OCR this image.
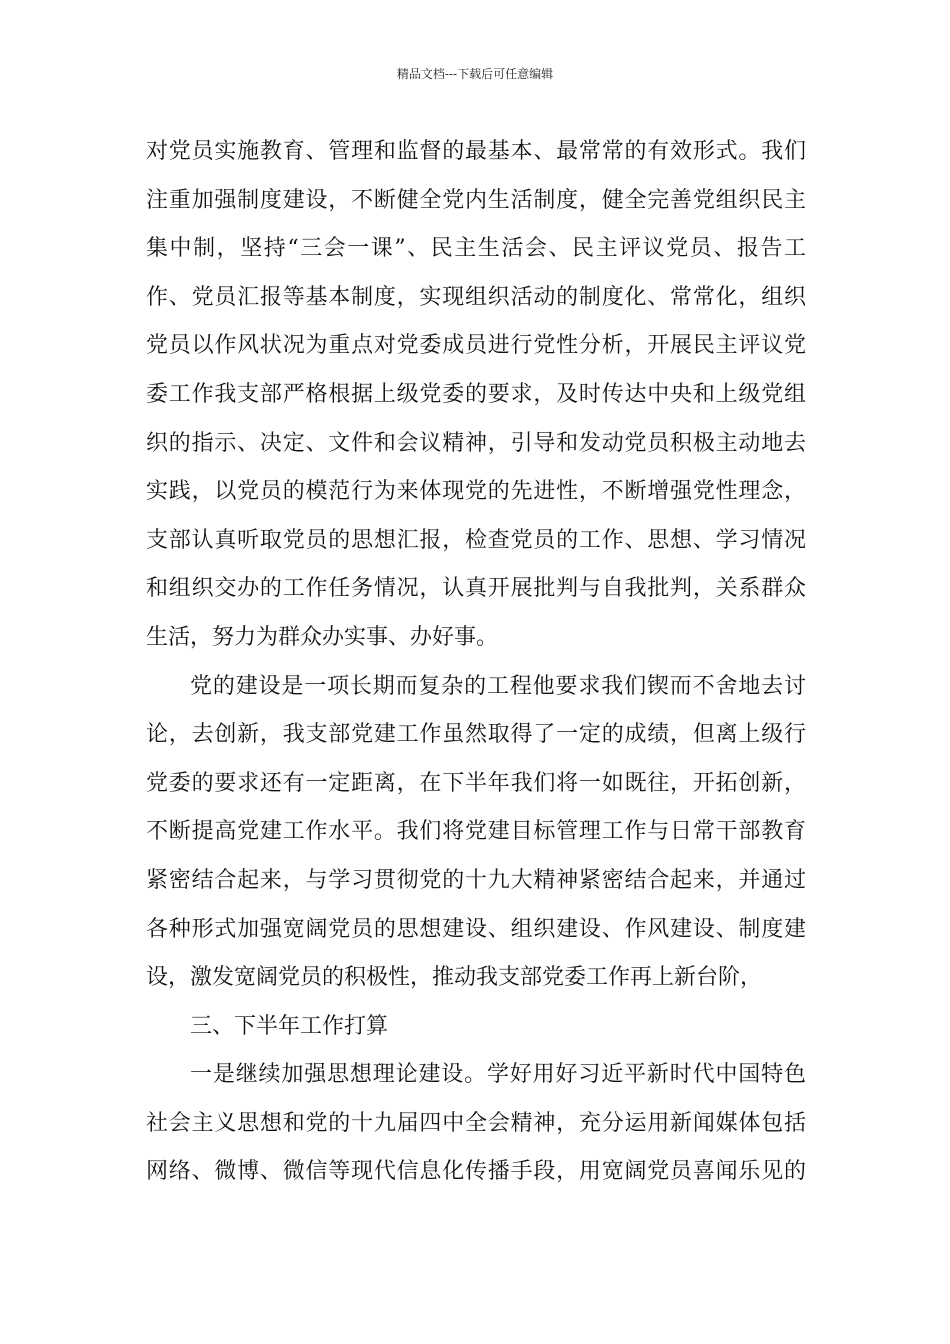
精品文档---下载后可任意编辑
对党员实施教育、管理和监督的最基本、最常常的有效形式。我们
注重加强制度建设，不断健全党内生活制度，健全完善党组织民主
集中制，坚持“三会一课”、民主生活会、民主评议党员、报告工
作、党员汇报等基本制度，实现组织活动的制度化、常常化，组织
党员以作风状况为重点对党委成员进行党性分析，开展民主评议党
委工作我支部严格根据上级党委的要求，及时传达中央和上级党组
织的指示、决定、文件和会议精神，引导和发动党员积极主动地去
实践，以党员的模范行为来体现党的先进性，不断增强党性理念，
支部认真听取党员的思想汇报，检查党员的工作、思想、学习情况
和组织交办的工作任务情况，认真开展批判与自我批判，关系群众
生活，努力为群众办实事、办好事。
党的建设是一项长期而复杂的工程他要求我们锲而不舍地去讨
论，去创新，我支部党建工作虽然取得了一定的成绩，但离上级行
党委的要求还有一定距离，在下半年我们将一如既往，开拓创新，
不断提高党建工作水平。我们将党建目标管理工作与日常干部教育
紧密结合起来，与学习贯彻党的十九大精神紧密结合起来，并通过
各种形式加强宽阔党员的思想建设、组织建设、作风建设、制度建
设，激发宽阔党员的积极性，推动我支部党委工作再上新台阶，
三、下半年工作打算
一是继续加强思想理论建设。学好用好习近平新时代中国特色
社会主义思想和党的十九届四中全会精神，充分运用新闻媒体包括
网络、微博、微信等现代信息化传播手段，用宽阔党员喜闻乐见的
